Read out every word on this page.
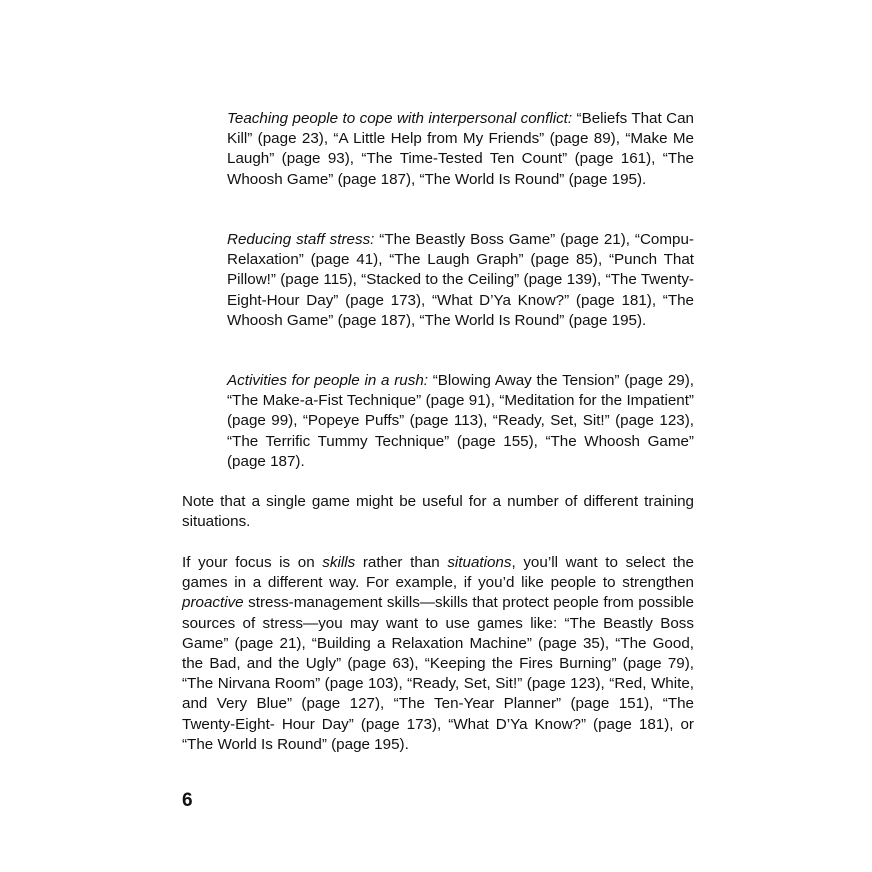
Teaching people to cope with interpersonal conflict: “Beliefs That Can Kill” (page 23), “A Little Help from My Friends” (page 89), “Make Me Laugh” (page 93), “The Time-Tested Ten Count” (page 161), “The Whoosh Game” (page 187), “The World Is Round” (page 195).

Reducing staff stress: “The Beastly Boss Game” (page 21), “Compu-Relaxation” (page 41), “The Laugh Graph” (page 85), “Punch That Pillow!” (page 115), “Stacked to the Ceiling” (page 139), “The Twenty-Eight-Hour Day” (page 173), “What D’Ya Know?” (page 181), “The Whoosh Game” (page 187), “The World Is Round” (page 195).

Activities for people in a rush: “Blowing Away the Tension” (page 29), “The Make-a-Fist Technique” (page 91), “Meditation for the Impatient” (page 99), “Popeye Puffs” (page 113), “Ready, Set, Sit!” (page 123), “The Terrific Tummy Technique” (page 155), “The Whoosh Game” (page 187).

Note that a single game might be useful for a number of different training situations.

If your focus is on skills rather than situations, you’ll want to select the games in a different way. For example, if you’d like people to strengthen proactive stress-management skills—skills that protect people from possible sources of stress—you may want to use games like: “The Beastly Boss Game” (page 21), “Building a Relaxation Machine” (page 35), “The Good, the Bad, and the Ugly” (page 63), “Keeping the Fires Burning” (page 79), “The Nirvana Room” (page 103), “Ready, Set, Sit!” (page 123), “Red, White, and Very Blue” (page 127), “The Ten-Year Planner” (page 151), “The Twenty-Eight- Hour Day” (page 173), “What D’Ya Know?” (page 181), or “The World Is Round” (page 195).

6
